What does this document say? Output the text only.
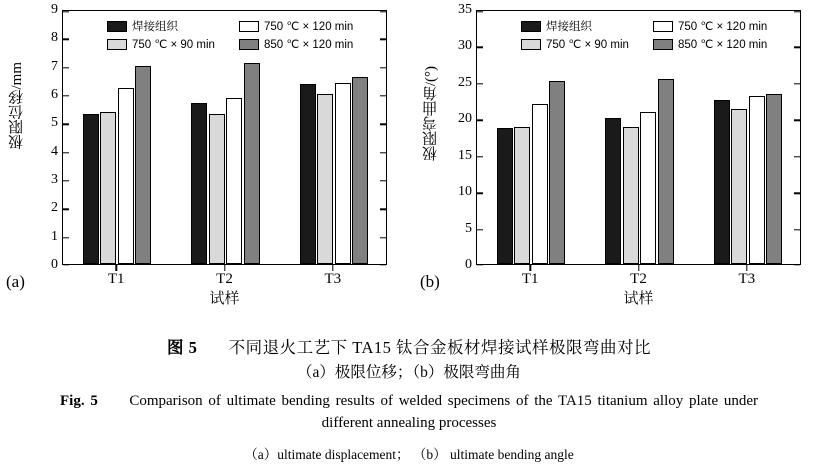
极限位移/mm
0
1
2
3
4
5
6
7
8
9
焊接组织	750 ℃ × 120 min
750 ℃ × 90 min	850 ℃ × 120 min
T1	T2	T3
试样
(a)
极限弯曲角/(°)
0
5
10
15
20
25
30
35
焊接组织	750 ℃ × 120 min
750 ℃ × 90 min	850 ℃ × 120 min
T1	T2	T3
试样
(b)
图 5 不同退火工艺下 TA15 钛合金板材焊接试样极限弯曲对比
（a）极限位移；（b）极限弯曲角
Fig. 5 Comparison of ultimate bending results of welded specimens of the TA15 titanium alloy plate under different annealing processes
（a）ultimate displacement； （b） ultimate bending angle
